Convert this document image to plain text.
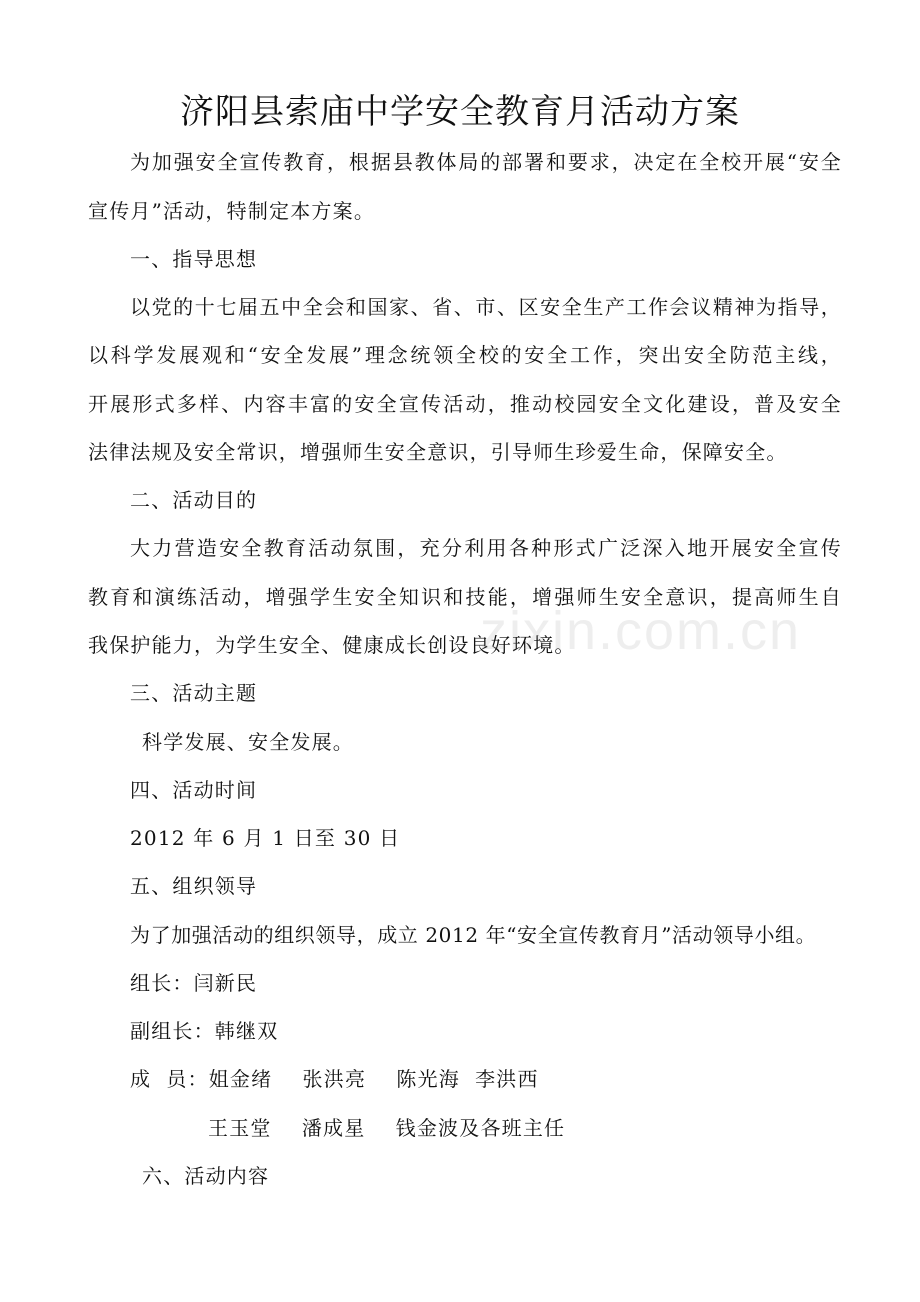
济阳县索庙中学安全教育月活动方案
为加强安全宣传教育，根据县教体局的部署和要求，决定在全校开展“安全
宣传月”活动，特制定本方案。
一、指导思想
以党的十七届五中全会和国家、省、市、区安全生产工作会议精神为指导，
以科学发展观和“安全发展”理念统领全校的安全工作，突出安全防范主线，
开展形式多样、内容丰富的安全宣传活动，推动校园安全文化建设，普及安全
法律法规及安全常识，增强师生安全意识，引导师生珍爱生命，保障安全。
二、活动目的
大力营造安全教育活动氛围，充分利用各种形式广泛深入地开展安全宣传
教育和演练活动，增强学生安全知识和技能，增强师生安全意识，提高师生自
我保护能力，为学生安全、健康成长创设良好环境。
三、活动主题
科学发展、安全发展。
四、活动时间
2012 年 6 月 1 日至 30 日
五、组织领导
为了加强活动的组织领导，成立 2012 年“安全宣传教育月”活动领导小组。
组长：闫新民
副组长：韩继双
成  员：姐金绪    张洪亮    陈光海  李洪西
王玉堂    潘成星    钱金波及各班主任
六、活动内容
zixin.com.cn
